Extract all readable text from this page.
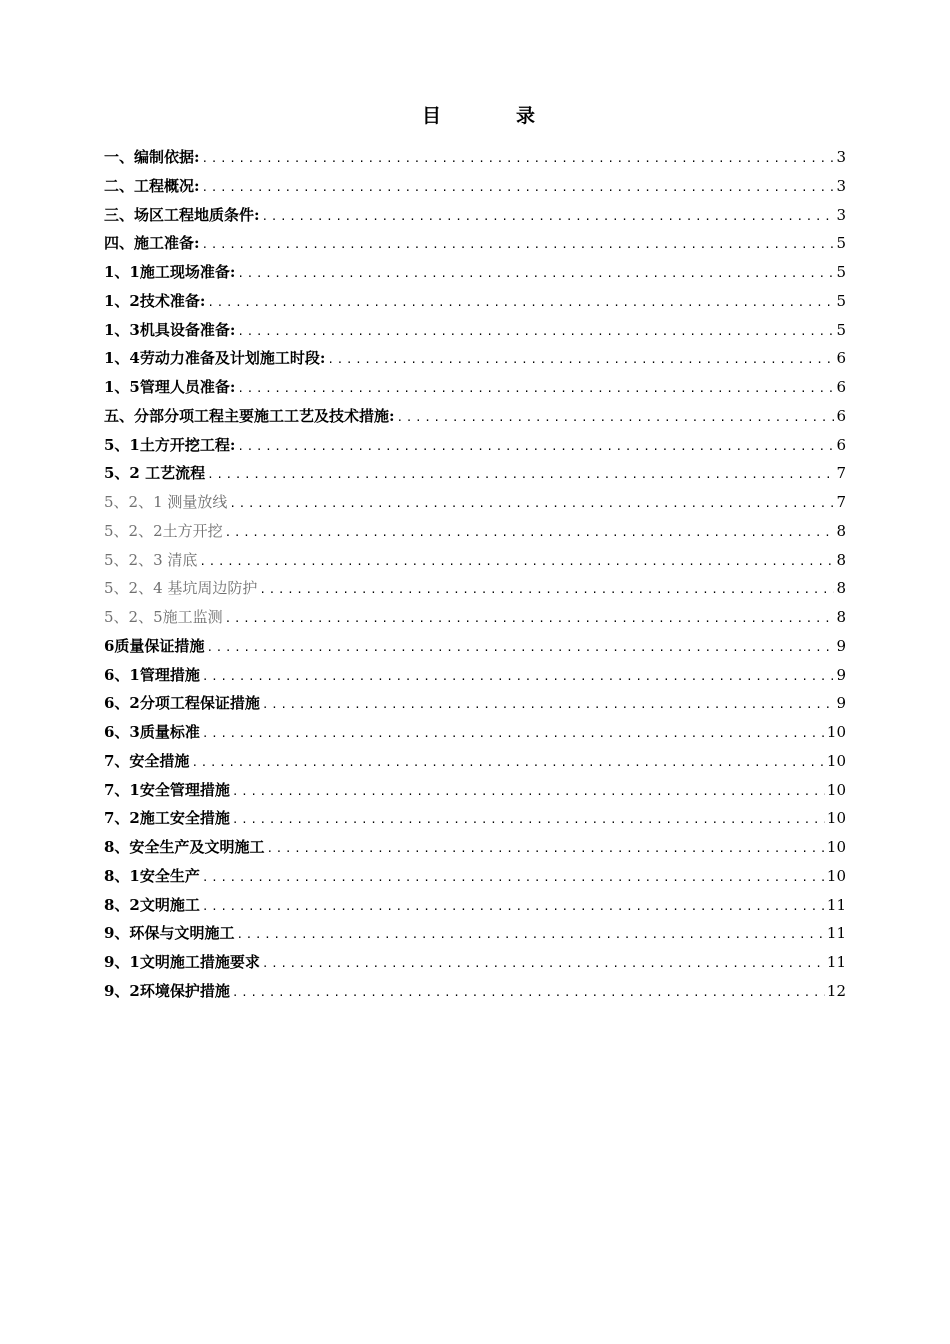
目　录
一、编制依据: .....	3
二、工程概况: .....	3
三、场区工程地质条件: .....	3
四、施工准备: .....	5
1、1施工现场准备: .....	5
1、2技术准备: .....	5
1、3机具设备准备: .....	5
1、4劳动力准备及计划施工时段: .....	6
1、5管理人员准备: .....	6
五、分部分项工程主要施工工艺及技术措施: .....	6
5、1土方开挖工程: .....	6
5、2 工艺流程 .....	7
5、2、1 测量放线 .....	7
5、2、2土方开挖 .....	8
5、2、3 清底 .....	8
5、2、4 基坑周边防护 .....	8
5、2、5施工监测 .....	8
6质量保证措施 .....	9
6、1管理措施 .....	9
6、2分项工程保证措施 .....	9
6、3质量标准 .....	10
7、安全措施 .....	10
7、1安全管理措施 .....	10
7、2施工安全措施 .....	10
8、安全生产及文明施工 .....	10
8、1安全生产 .....	10
8、2文明施工 .....	11
9、环保与文明施工 .....	11
9、1文明施工措施要求 .....	11
9、2环境保护措施 .....	12
